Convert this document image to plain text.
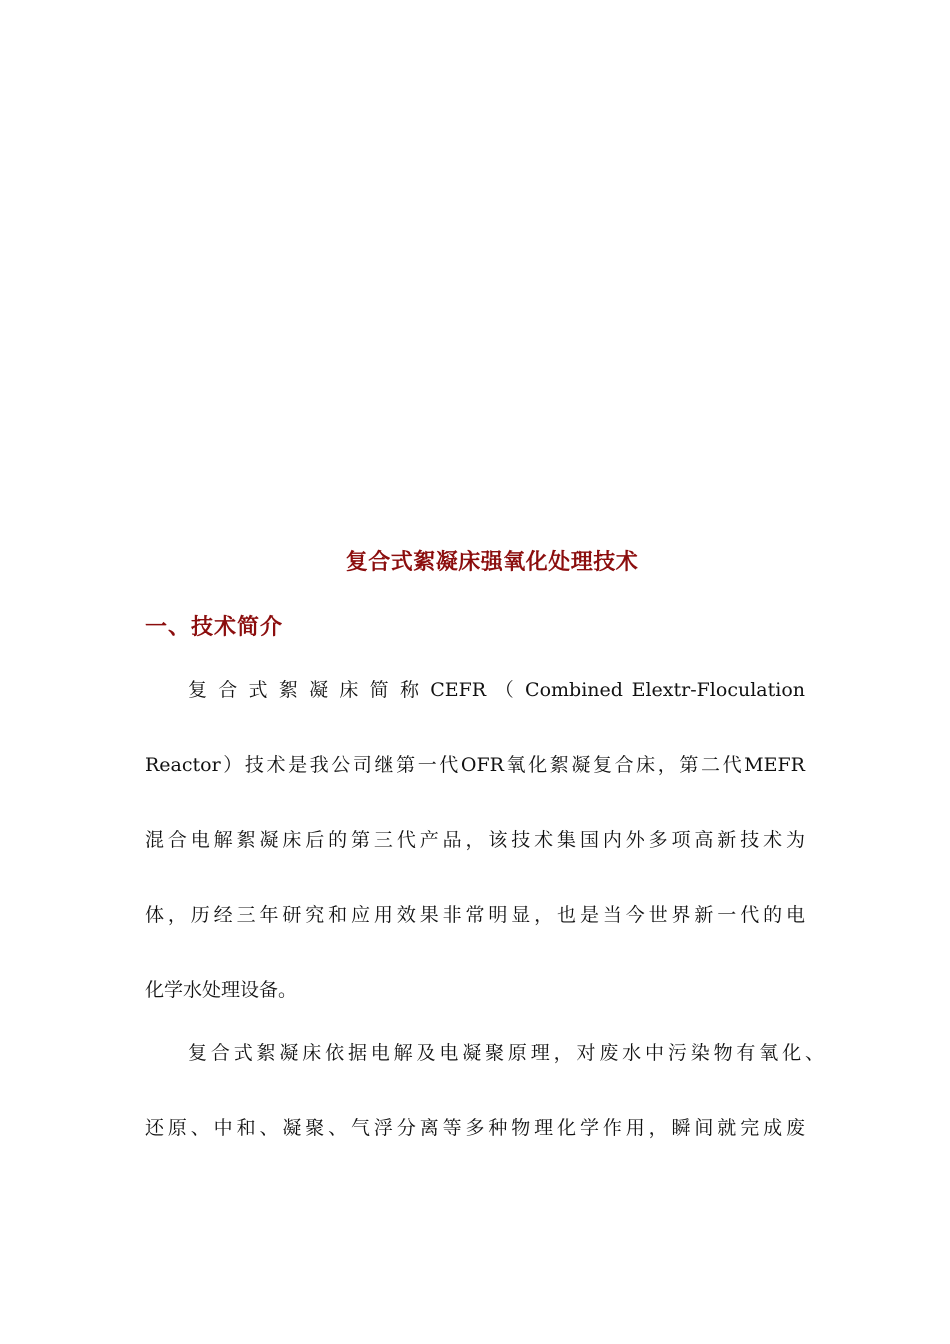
复合式絮凝床强氧化处理技术
一、技术简介
复 合 式 絮 凝 床 简 称 CEFR （ Combined Elextr-Floculation
Reactor）技术是我公司继第一代OFR氧化絮凝复合床，第二代MEFR
混合电解絮凝床后的第三代产品，该技术集国内外多项高新技术为
体，历经三年研究和应用效果非常明显，也是当今世界新一代的电
化学水处理设备。
复合式絮凝床依据电解及电凝聚原理，对废水中污染物有氧化、
还原、中和、凝聚、气浮分离等多种物理化学作用，瞬间就完成废
